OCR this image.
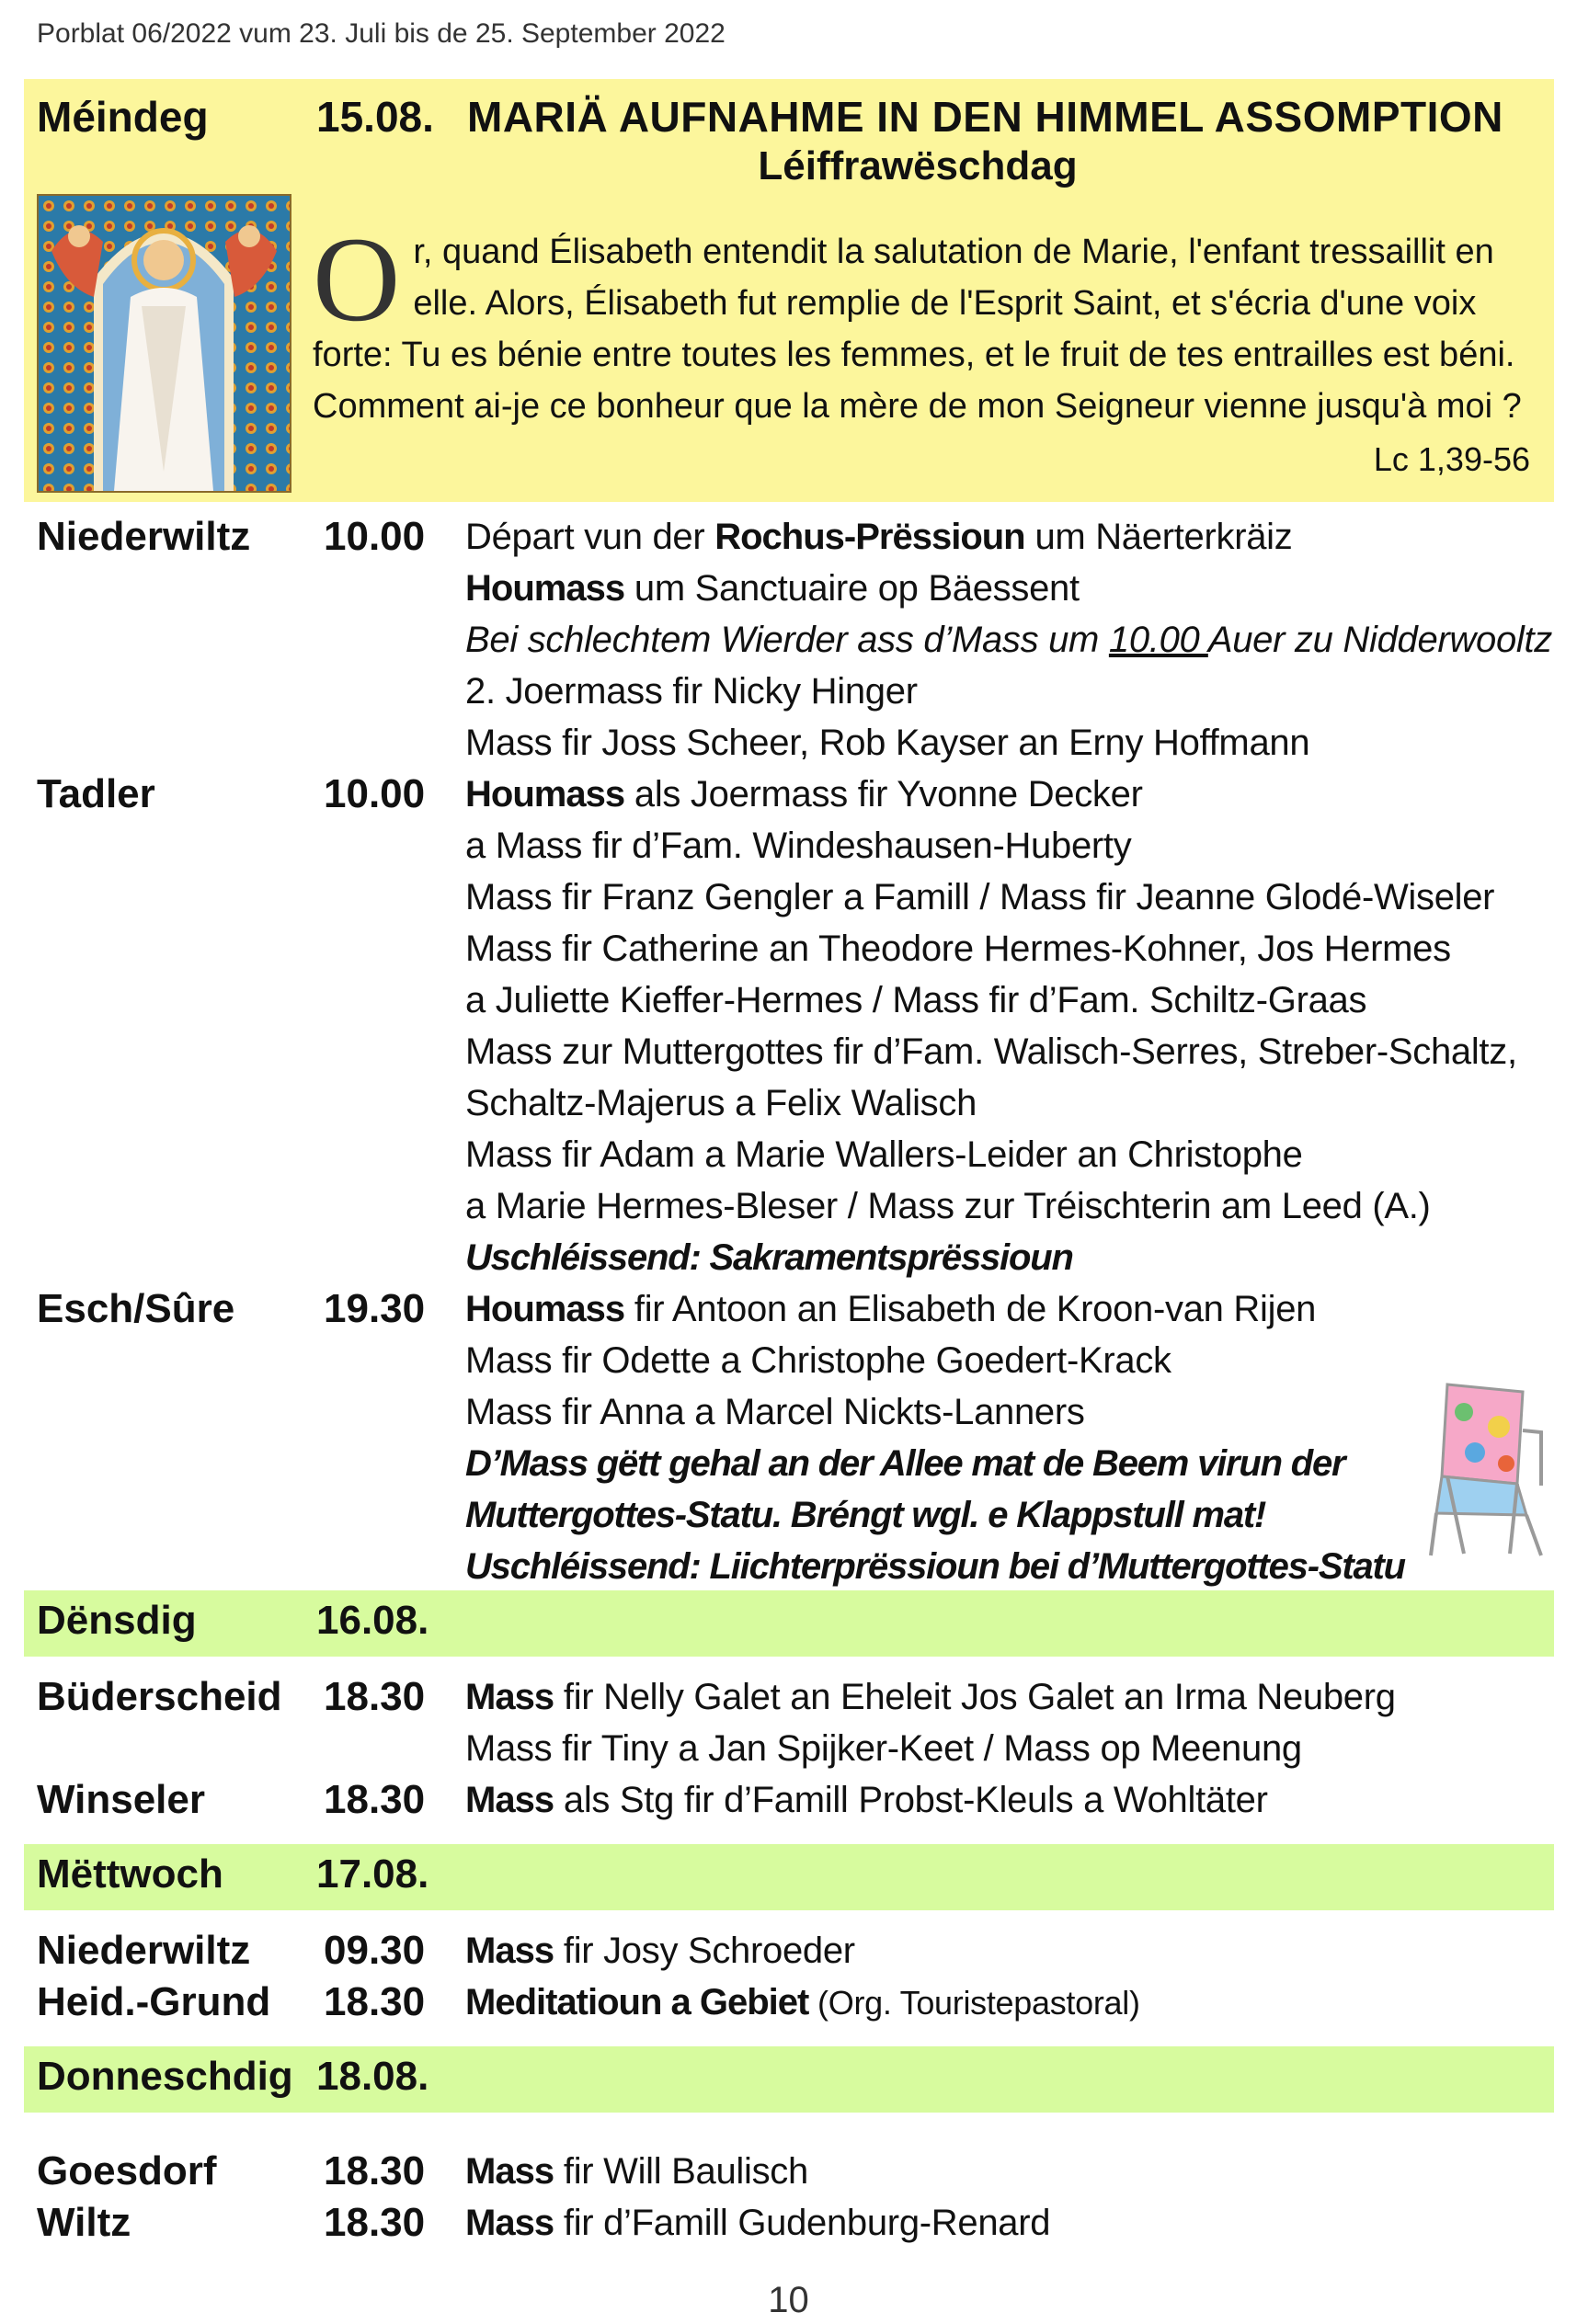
Porblat 06/2022 vum 23. Juli bis de 25. September 2022
Méindeg	15.08. MARIÄ AUFNAHME IN DEN HIMMEL ASSOMPTION
Léiffrawëschdag
Or, quand Élisabeth entendit la salutation de Marie, l'enfant tressaillit en elle. Alors, Élisabeth fut remplie de l'Esprit Saint, et s'écria d'une voix forte: Tu es bénie entre toutes les femmes, et le fruit de tes entrailles est béni. Comment ai-je ce bonheur que la mère de mon Seigneur vienne jusqu'à moi ?
Lc 1,39-56
Niederwiltz 10.00 Départ vun der Rochus-Prëssioun um Näerterkräiz
Houmass um Sanctuaire op Bäessent
Bei schlechtem Wierder ass d’Mass um 10.00 Auer zu Nidderwooltz
2. Joermass fir Nicky Hinger
Mass fir Joss Scheer, Rob Kayser an Erny Hoffmann
Tadler	10.00 Houmass als Joermass fir Yvonne Decker
a Mass fir d’Fam. Windeshausen-Huberty
Mass fir Franz Gengler a Famill / Mass fir Jeanne Glodé-Wiseler
Mass fir Catherine an Theodore Hermes-Kohner, Jos Hermes
a Juliette Kieffer-Hermes / Mass fir d’Fam. Schiltz-Graas
Mass zur Muttergottes fir d’Fam. Walisch-Serres, Streber-Schaltz,
Schaltz-Majerus a Felix Walisch
Mass fir Adam a Marie Wallers-Leider an Christophe
a Marie Hermes-Bleser / Mass zur Tréischterin am Leed (A.)
Uschléissend: Sakramentsprëssioun
Esch/Sûre 19.30 Houmass fir Antoon an Elisabeth de Kroon-van Rijen
Mass fir Odette a Christophe Goedert-Krack
Mass fir Anna a Marcel Nickts-Lanners
D’Mass gëtt gehal an der Allee mat de Beem virun der
Muttergottes-Statu. Bréngt wgl. e Klappstull mat!
Uschléissend: Liichterprëssioun bei d’Muttergottes-Statu
Dënsdig	16.08.
Büderscheid 18.30 Mass fir Nelly Galet an Eheleit Jos Galet an Irma Neuberg
Mass fir Tiny a Jan Spijker-Keet / Mass op Meenung
Winseler	18.30 Mass als Stg fir d’Famill Probst-Kleuls a Wohltäter
Mëttwoch 17.08.
Niederwiltz 09.30 Mass fir Josy Schroeder
Heid.-Grund 18.30 Meditatioun a Gebiet (Org. Touristepastoral)
Donneschdig 18.08.
Goesdorf	18.30 Mass fir Will Baulisch
Wiltz	18.30 Mass fir d’Famill Gudenburg-Renard
10
